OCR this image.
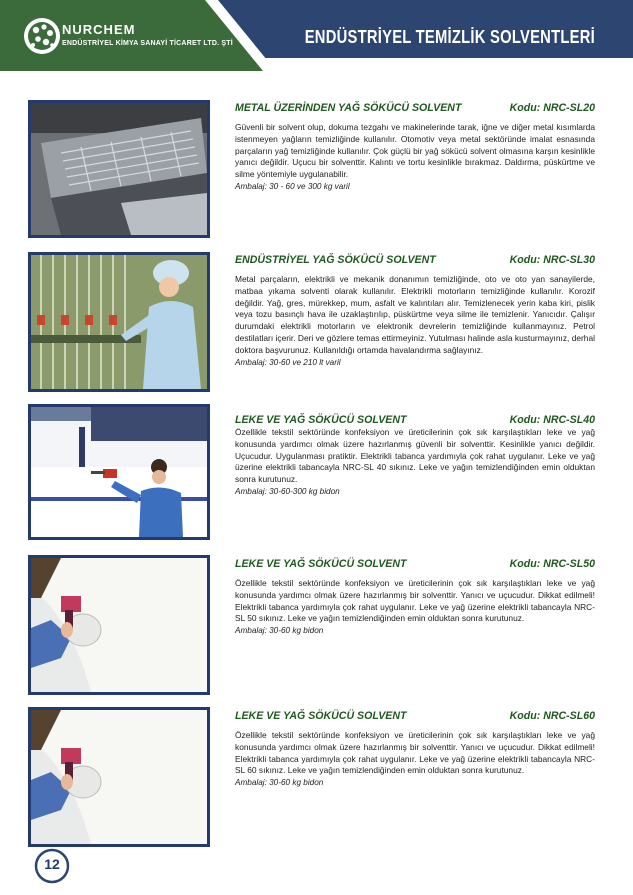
NURCHEM
ENDÜSTRİYEL KİMYA SANAYİ TİCARET LTD. ŞTİ	ENDÜSTRİYEL TEMİZLİK SOLVENTLERİ
METAL ÜZERİNDEN YAĞ SÖKÜCÜ SOLVENT	Kodu: NRC-SL20
Güvenli bir solvent olup, dokuma tezgahı ve makinelerinde tarak, iğne ve diğer metal kısımlarda istenmeyen yağların temizliğinde kullanılır. Otomotiv veya metal sektöründe imalat esnasında parçaların yağ temizliğinde kullanılır. Çok güçlü bir yağ sökücü solvent olmasına karşın kesinlikle yanıcı değildir. Uçucu bir solventtir. Kalıntı ve tortu kesinlikle bırakmaz. Daldırma, püskürtme ve silme yöntemiyle uygulanabilir.
Ambalaj: 30 - 60 ve 300 kg varil
ENDÜSTRİYEL YAĞ SÖKÜCÜ SOLVENT	Kodu: NRC-SL30
Metal parçaların, elektrikli ve mekanik donanımın temizliğinde, oto ve oto yan sanayilerde, matbaa yıkama solventi olarak kullanılır. Elektrikli motorların temizliğinde kullanılır. Korozif değildir. Yağ, gres, mürekkep, mum, asfalt ve kalıntıları alır. Temizlenecek yerin kaba kiri, pislik veya tozu basınçlı hava ile uzaklaştırılıp, püskürtme veya silme ile temizlenir. Yanıcıdır. Çalışır durumdaki elektrikli motorların ve elektronik devrelerin temizliğinde kullanmayınız. Petrol destilatları içerir. Deri ve gözlere temas ettirmeyiniz. Yutulması halinde asla kusturmayınız, derhal doktora başvurunuz. Kullanıldığı ortamda havalandırma sağlayınız.
Ambalaj: 30-60 ve 210 lt varil
LEKE VE YAĞ SÖKÜCÜ SOLVENT	Kodu: NRC-SL40
Özellikle tekstil sektöründe konfeksiyon ve üreticilerinin çok sık karşılaştıkları leke ve yağ konusunda yardımcı olmak üzere hazırlanmış güvenli bir solventtir. Kesinlikle yanıcı değildir. Uçucudur. Uygulanması pratiktir. Elektrikli tabanca yardımıyla çok rahat uygulanır. Leke ve yağ üzerine elektrikli tabancayla NRC-SL 40 sıkınız. Leke ve yağın temizlendiğinden emin olduktan sonra kurutunuz.
Ambalaj: 30-60-300 kg bidon
LEKE VE YAĞ SÖKÜCÜ SOLVENT	Kodu: NRC-SL50
Özellikle tekstil sektöründe konfeksiyon ve üreticilerinin çok sık karşılaştıkları leke ve yağ konusunda yardımcı olmak üzere hazırlanmış bir solventtir. Yanıcı ve uçucudur. Dikkat edilmeli! Elektrikli tabanca yardımıyla çok rahat uygulanır. Leke ve yağ üzerine elektrikli tabancayla NRC-SL 50 sıkınız. Leke ve yağın temizlendiğinden emin olduktan sonra kurutunuz.
Ambalaj: 30-60 kg bidon
LEKE VE YAĞ SÖKÜCÜ SOLVENT	Kodu: NRC-SL60
Özellikle tekstil sektöründe konfeksiyon ve üreticilerinin çok sık karşılaştıkları leke ve yağ konusunda yardımcı olmak üzere hazırlanmış bir solventtir. Yanıcı ve uçucudur. Dikkat edilmeli! Elektrikli tabanca yardımıyla çok rahat uygulanır. Leke ve yağ üzerine elektrikli tabancayla NRC-SL 60 sıkınız. Leke ve yağın temizlendiğinden emin olduktan sonra kurutunuz.
Ambalaj: 30-60 kg bidon
12
